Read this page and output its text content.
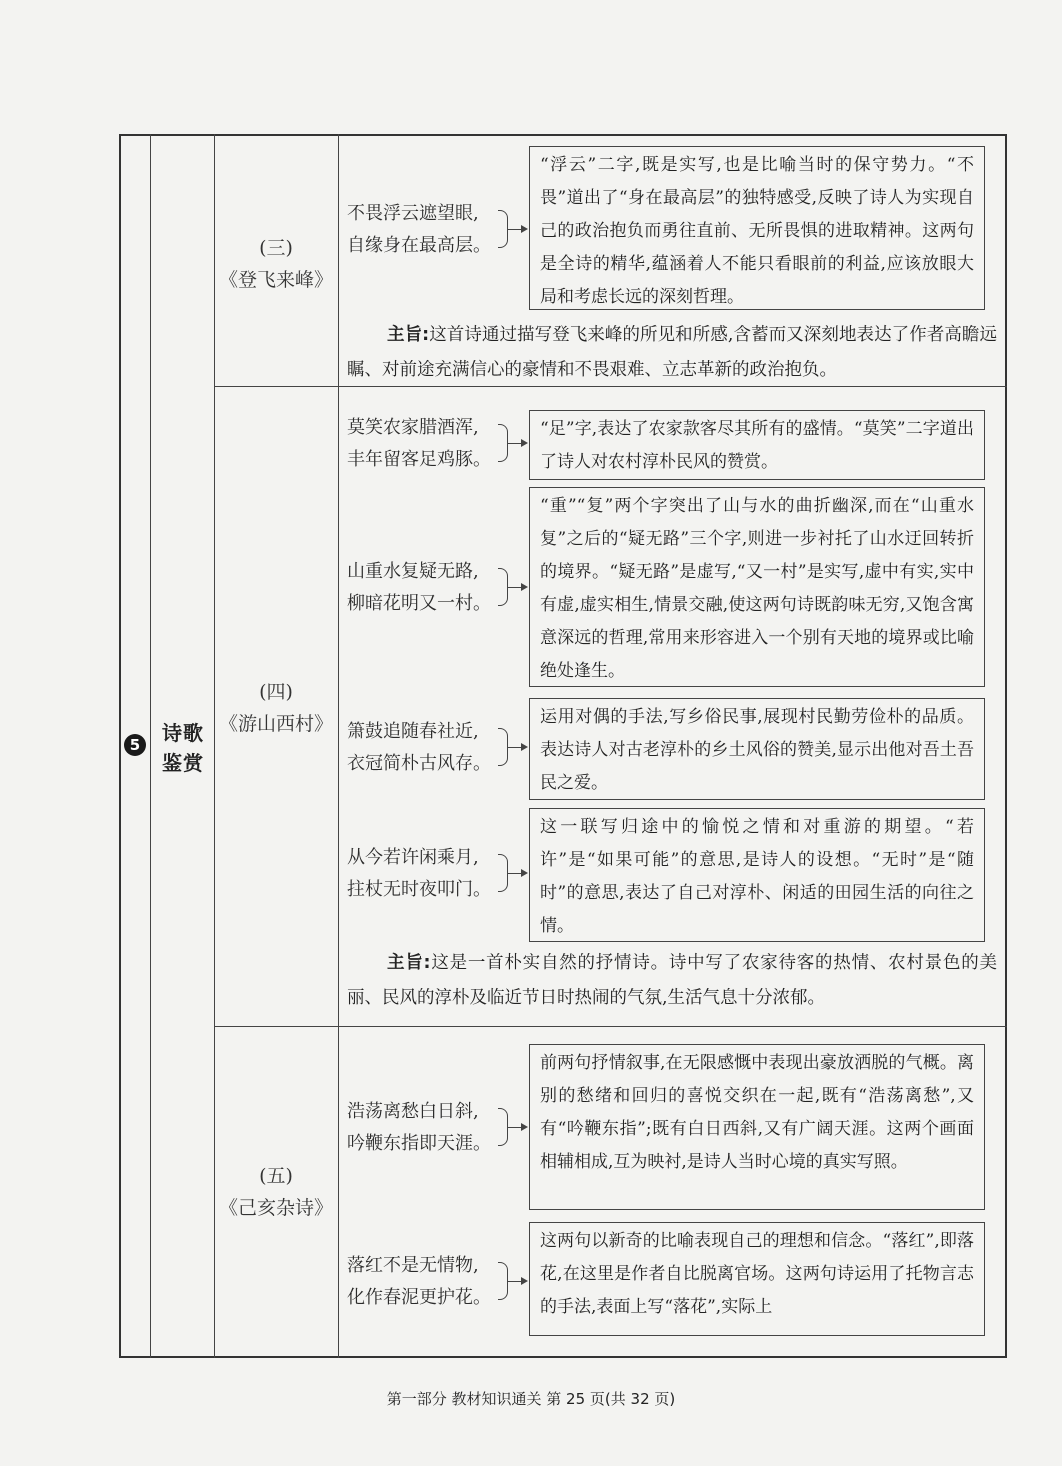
5	诗歌
鉴赏
(三)
《登飞来峰》
不畏浮云遮望眼,
自缘身在最高层。
“浮云”二字,既是实写,也是比喻当时的保守势力。“不畏”道出了“身在最高层”的独特感受,反映了诗人为实现自己的政治抱负而勇往直前、无所畏惧的进取精神。这两句是全诗的精华,蕴涵着人不能只看眼前的利益,应该放眼大局和考虑长远的深刻哲理。
主旨:这首诗通过描写登飞来峰的所见和所感,含蓄而又深刻地表达了作者高瞻远瞩、对前途充满信心的豪情和不畏艰难、立志革新的政治抱负。
(四)
《游山西村》
莫笑农家腊酒浑,
丰年留客足鸡豚。
“足”字,表达了农家款客尽其所有的盛情。“莫笑”二字道出了诗人对农村淳朴民风的赞赏。
山重水复疑无路,
柳暗花明又一村。
“重”“复”两个字突出了山与水的曲折幽深,而在“山重水复”之后的“疑无路”三个字,则进一步衬托了山水迂回转折的境界。“疑无路”是虚写,“又一村”是实写,虚中有实,实中有虚,虚实相生,情景交融,使这两句诗既韵味无穷,又饱含寓意深远的哲理,常用来形容进入一个别有天地的境界或比喻绝处逢生。
箫鼓追随春社近,
衣冠简朴古风存。
运用对偶的手法,写乡俗民事,展现村民勤劳俭朴的品质。表达诗人对古老淳朴的乡土风俗的赞美,显示出他对吾土吾民之爱。
从今若许闲乘月,
拄杖无时夜叩门。
这一联写归途中的愉悦之情和对重游的期望。“若许”是“如果可能”的意思,是诗人的设想。“无时”是“随时”的意思,表达了自己对淳朴、闲适的田园生活的向往之情。
主旨:这是一首朴实自然的抒情诗。诗中写了农家待客的热情、农村景色的美丽、民风的淳朴及临近节日时热闹的气氛,生活气息十分浓郁。
(五)
《己亥杂诗》
浩荡离愁白日斜,
吟鞭东指即天涯。
前两句抒情叙事,在无限感慨中表现出豪放洒脱的气概。离别的愁绪和回归的喜悦交织在一起,既有“浩荡离愁”,又有“吟鞭东指”;既有白日西斜,又有广阔天涯。这两个画面相辅相成,互为映衬,是诗人当时心境的真实写照。
落红不是无情物,
化作春泥更护花。
这两句以新奇的比喻表现自己的理想和信念。“落红”,即落花,在这里是作者自比脱离官场。这两句诗运用了托物言志的手法,表面上写“落花”,实际上
第一部分 教材知识通关 第 25 页(共 32 页)
